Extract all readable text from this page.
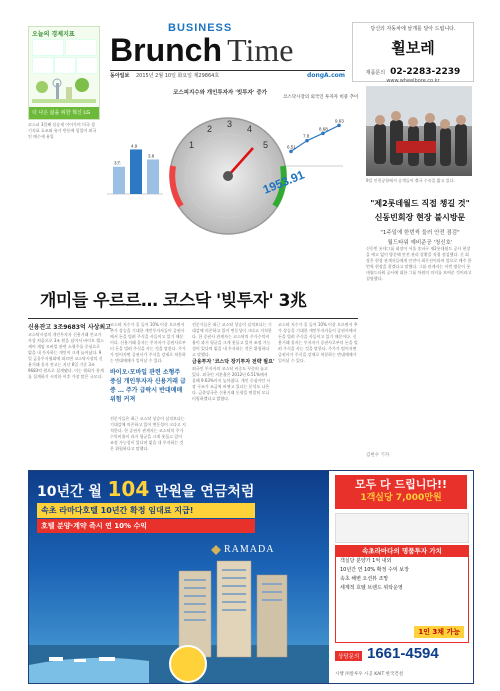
오늘의 경제지표
더 나은 삶을 위한 혁신 LG
코스피 3일째 상승세 이어가며 미국 경기지표 호조와 유가 반등에 힘입어 외국인 매수세 유입
BUSINESS
Brunch Time
동아일보 2015년 2월 10일 화요일 제29864호	dongA.com
당신의 자동차에 날개를 달아 드립니다.
휠보레
제품문의 02-2283-2239
www.wheelbore.co.kr
1
2 3 4
5
1953.91
코스피지수와 개인투자자 '빚투자' 증가
3조
4.9
3.8
코스닥시장의 외국인 투자자 비중 추이
6.51
7.8
8.68
9.63
9일 인천공항에서 승객들이 출국 수속을 밟고 있다.
"제2롯데월드 직접 챙길 것"
신동빈회장 현장 불시방문
"1주일에 한번씩 들러 안전 점검"
월드타워 예비준공 '청신호'
신동빈 롯데그룹 회장이 서울 송파구 제2롯데월드 공사 현장을 예고 없이 방문해 안전 관리 상황을 직접 점검했다. 신 회장은 현장 관계자들에게 안전이 최우선이라며 앞으로 매주 한 번씩 현장을 찾겠다고 말했다. 그룹 관계자는 이번 방문이 롯데월드타워 공사에 대한 그룹 차원의 의지를 보여준 것이라고 설명했다.
김현수 기자
개미들 우르르… 코스닥 '빚투자' 3兆
신용잔고 3조9683억 사상최고
코스닥시장의 개인투자자 신용거래 잔고가 사상 처음으로 3조 원을 넘어서 바이오 헬스케어 게임 모바일 관련 소형주를 중심으로 빚을 내 투자하는 개인이 크게 늘어났다. 9일 금융투자협회에 따르면 코스닥시장의 신용거래 융자 잔고는 지난 6일 기준 3조 9683억 원으로 집계됐다. 이는 협회가 통계를 집계하기 시작한 이후 가장 많은 규모다.
코스닥 지수가 올 들어 10% 이상 오르면서 추가 상승을 기대한 개인투자자들이 증권사에서 돈을 빌려 주식을 사들이고 있기 때문이다. 신용거래 융자는 투자자가 증권사로부터 돈을 빌려 주식을 사는 것을 말한다. 주가가 떨어지면 증권사가 주식을 강제로 처분하는 반대매매가 일어날 수 있다.
바이오·모바일 관련 소형주 중심 개인투자자 신용거래 급증 … 주가 급락시 반대매매 위험 커져
전문가들은 최근 코스닥 상승이 실적보다는 기대감에 의존하고 있어 변동성이 크다고 지적한다. 한 증권사 관계자는 코스닥의 주가수익비율이 과거 평균을 크게 웃돌고 있어 조정 가능성이 있다며 빚을 내 투자하는 것은 위험하다고 말했다.
전문가들은 최근 코스닥 상승이 실적보다는 기대감에 의존하고 있어 변동성이 크다고 지적한다. 한 증권사 관계자는 코스닥의 주가수익비율이 과거 평균을 크게 웃돌고 있어 조정 가능성이 있다며 빚을 내 투자하는 것은 위험하다고 말했다.
금융투자 '코스닥 장기투자 전략 필요'
외국인 투자자의 코스닥 비중도 꾸준히 늘고 있다. 외국인 지분율은 2012년 6.51%에서 올해 9.63%까지 높아졌다. 개인 중심이던 시장 구조가 조금씩 바뀌고 있다는 분석도 나온다. 금융당국은 신용거래 동향을 면밀히 모니터링하겠다고 밝혔다.
코스닥 지수가 올 들어 10% 이상 오르면서 추가 상승을 기대한 개인투자자들이 증권사에서 돈을 빌려 주식을 사들이고 있기 때문이다. 신용거래 융자는 투자자가 증권사로부터 돈을 빌려 주식을 사는 것을 말한다. 주가가 떨어지면 증권사가 주식을 강제로 처분하는 반대매매가 일어날 수 있다.
10년간 월 104 만원을 연금처럼
속초 라마다호텔 10년간 확정 임대료 지급!
호텔 분양·계약 즉시 연 10% 수익
RAMADA
모두 다 드립니다!!
1객실당 7,000만원
속초라마다의 명품투자 가치
객실당 분양가 1억 내외
10년간 연 10% 확정 수익 보장
속초 해변 오션뷰 조망
세계적 호텔 브랜드 위탁운영
1인 3채 가능
상담문의 1661-4594
시행 ㈜알루우 시공 KAIT 한국건설
